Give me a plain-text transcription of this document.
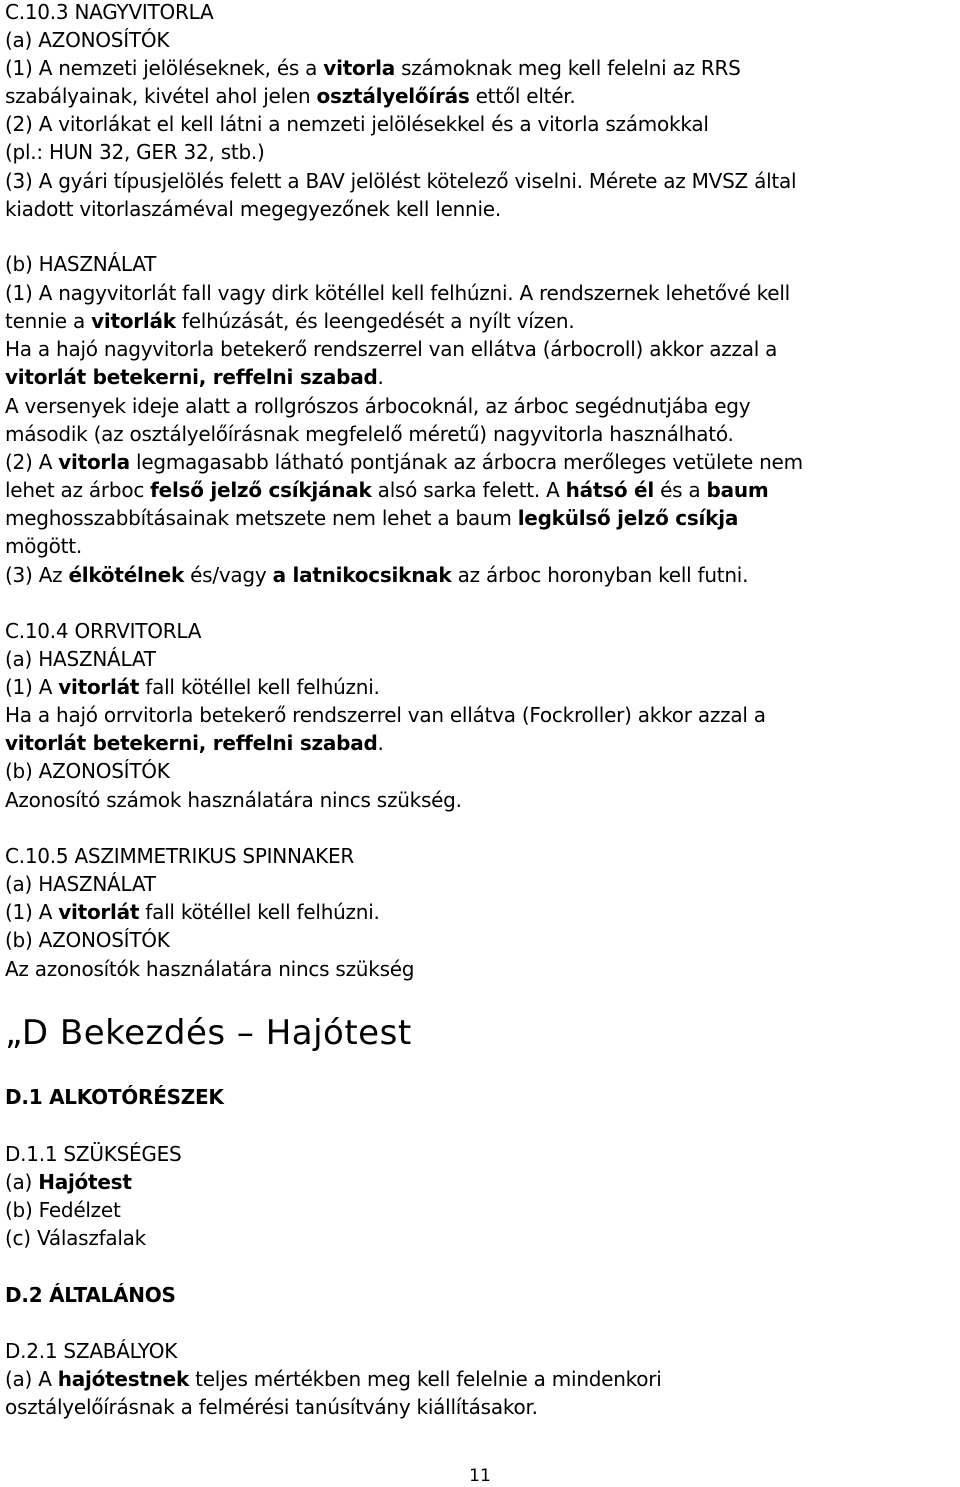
C.10.3 NAGYVITORLA
(a) AZONOSÍTÓK
(1) A nemzeti jelöléseknek, és a vitorla számoknak meg kell felelni az RRS
szabályainak, kivétel ahol jelen osztályelőírás ettől eltér.
(2) A vitorlákat el kell látni a nemzeti jelölésekkel és a vitorla számokkal
(pl.: HUN 32, GER 32, stb.)
(3) A gyári típusjelölés felett a BAV jelölést kötelező viselni. Mérete az MVSZ által
kiadott vitorlaszáméval megegyezőnek kell lennie.
(b) HASZNÁLAT
(1) A nagyvitorlát fall vagy dirk kötéllel kell felhúzni. A rendszernek lehetővé kell
tennie a vitorlák felhúzását, és leengedését a nyílt vízen.
Ha a hajó nagyvitorla betekerő rendszerrel van ellátva (árbocroll) akkor azzal a
vitorlát betekerni, reffelni szabad.
A versenyek ideje alatt a rollgrószos árbocoknál, az árboc segédnutjába egy
második (az osztályelőírásnak megfelelő méretű) nagyvitorla használható.
(2) A vitorla legmagasabb látható pontjának az árbocra merőleges vetülete nem
lehet az árboc felső jelző csíkjának alsó sarka felett. A hátsó él és a baum
meghosszabbításainak metszete nem lehet a baum legkülső jelző csíkja
mögött.
(3) Az élkötélnek és/vagy a latnikocsiknak az árboc horonyban kell futni.
C.10.4 ORRVITORLA
(a) HASZNÁLAT
(1) A vitorlát fall kötéllel kell felhúzni.
Ha a hajó orrvitorla betekerő rendszerrel van ellátva (Fockroller) akkor azzal a
vitorlát betekerni, reffelni szabad.
(b) AZONOSÍTÓK
Azonosító számok használatára nincs szükség.
C.10.5 ASZIMMETRIKUS SPINNAKER
(a) HASZNÁLAT
(1) A vitorlát fall kötéllel kell felhúzni.
(b) AZONOSÍTÓK
Az azonosítók használatára nincs szükség
D.1 ALKOTÓRÉSZEK
D.1.1 SZÜKSÉGES
(a) Hajótest
(b) Fedélzet
(c) Válaszfalak
D.2 ÁLTALÁNOS
D.2.1 SZABÁLYOK
(a) A hajótestnek teljes mértékben meg kell felelnie a mindenkori
osztályelőírásnak a felmérési tanúsítvány kiállításakor.
„D Bekezdés – Hajótest
11
